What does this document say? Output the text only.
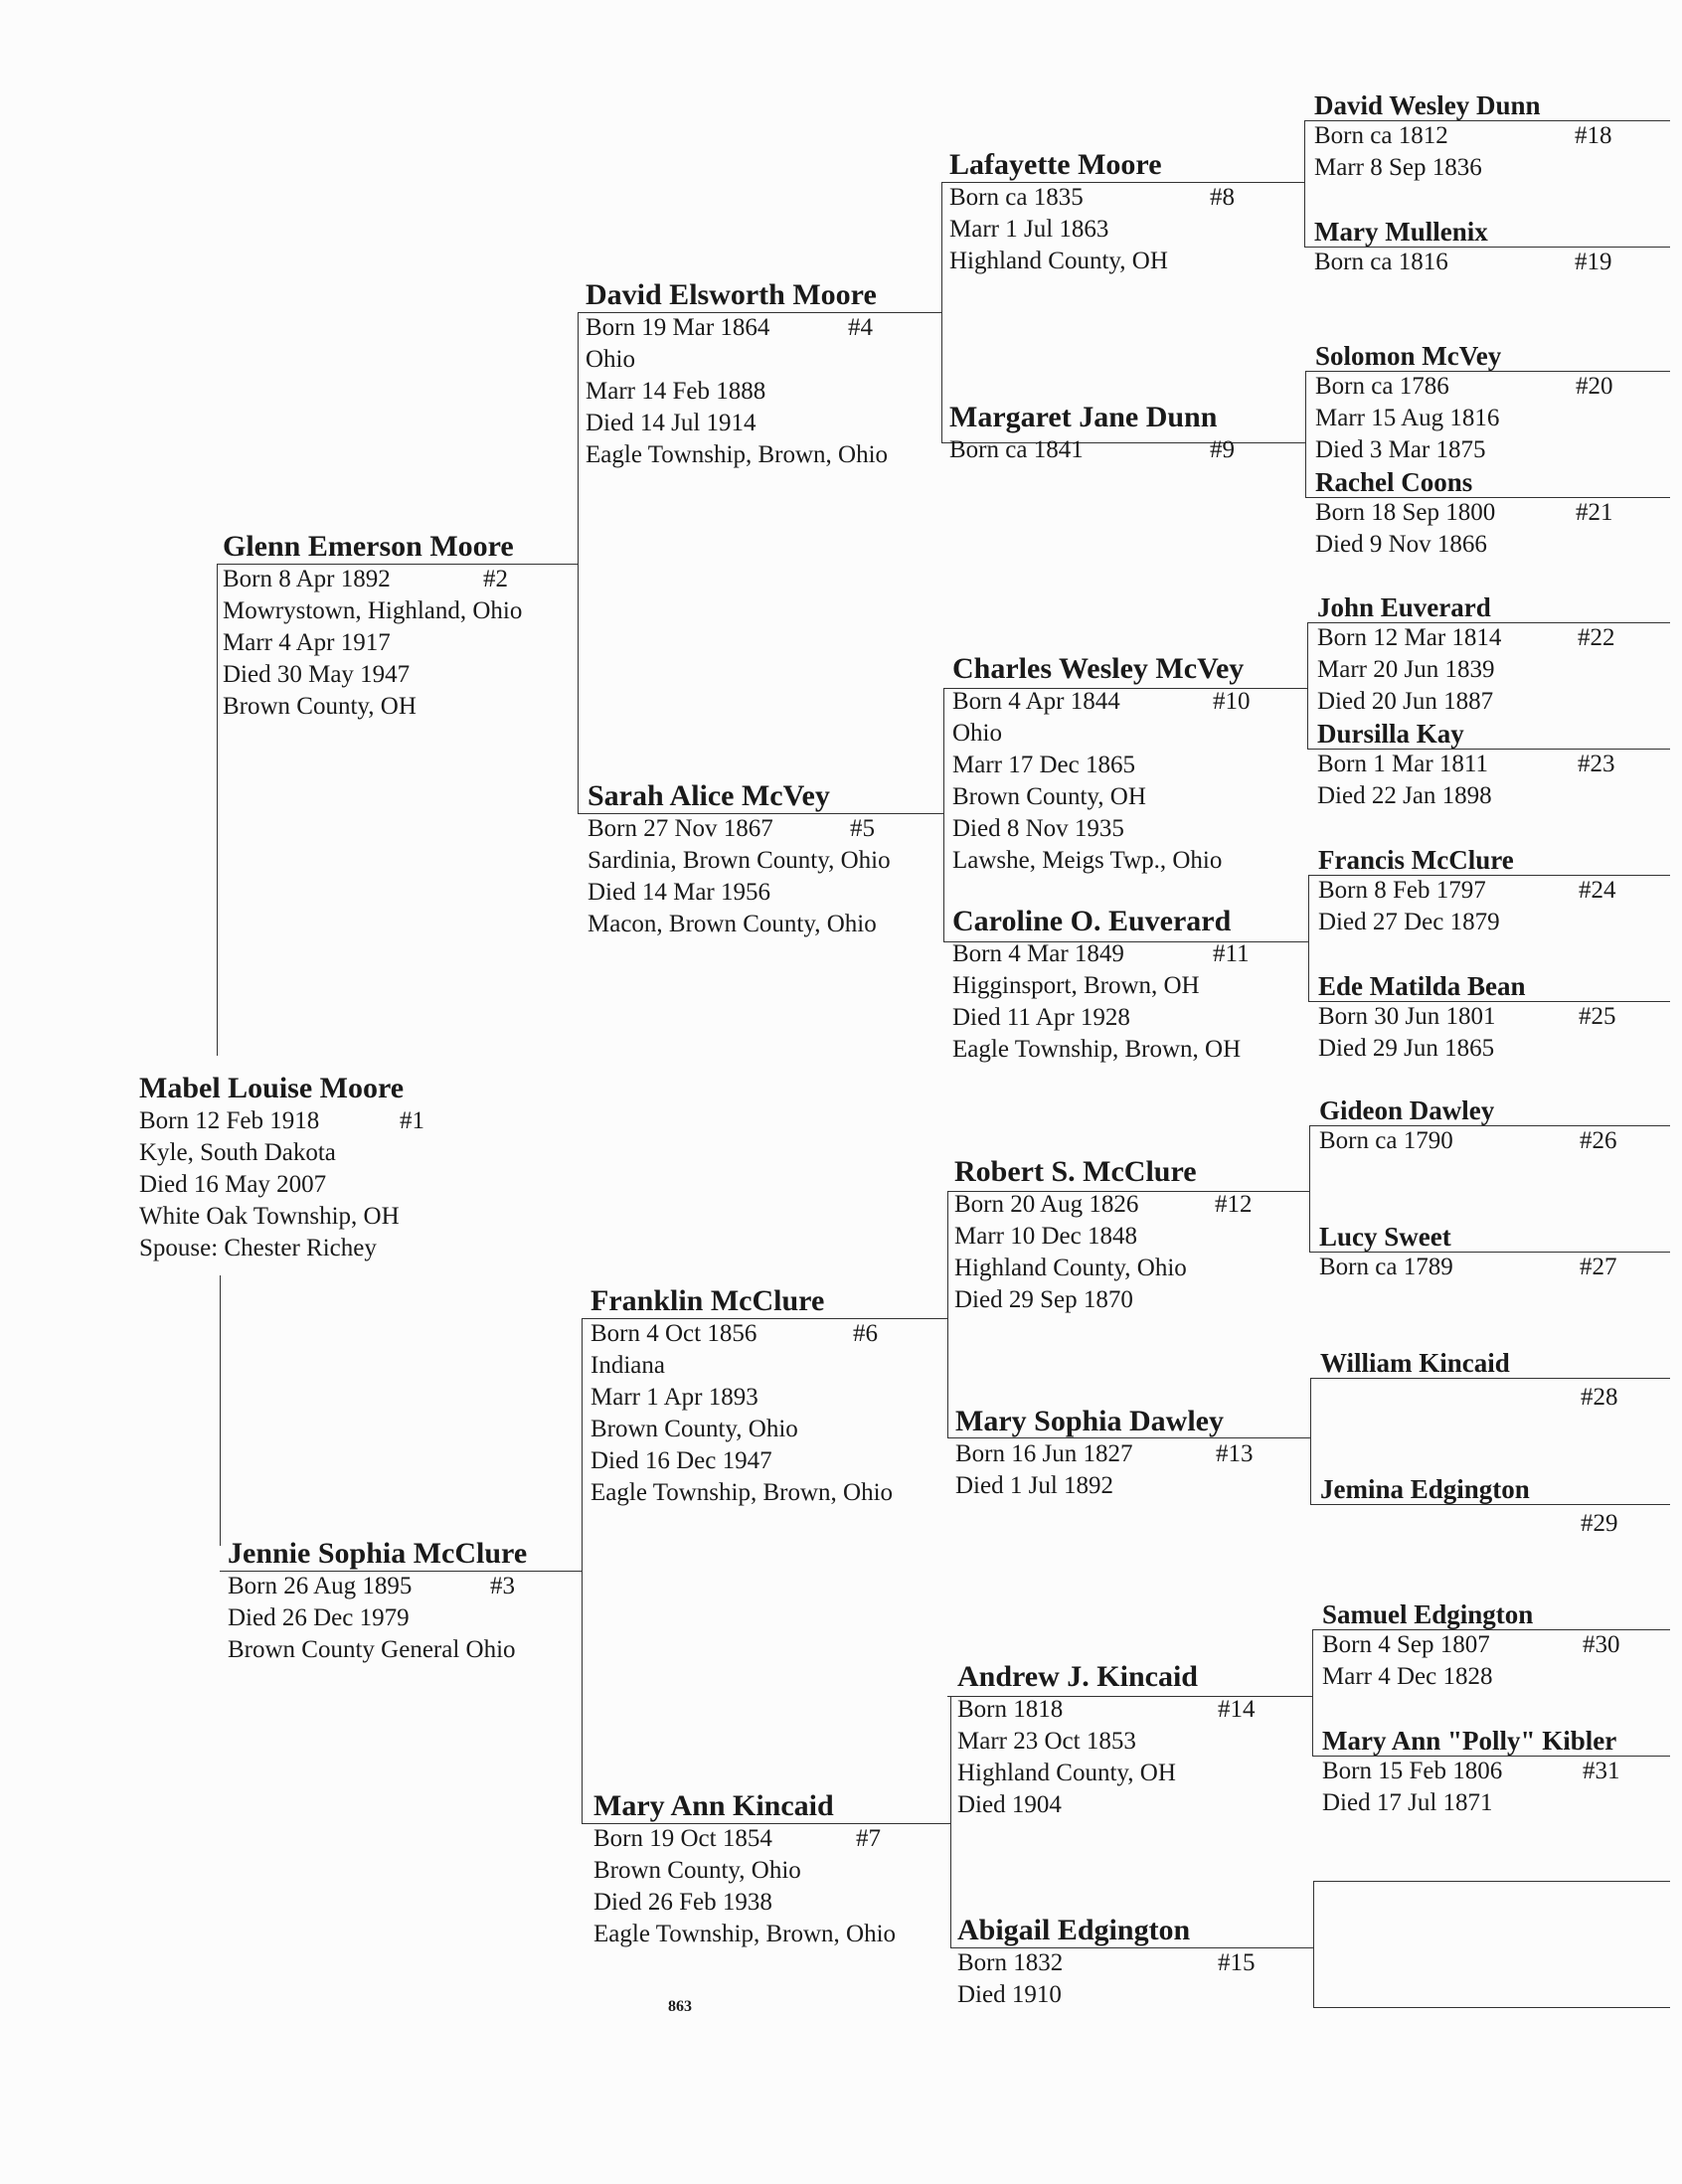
Mabel Louise Moore
Born 12 Feb 1918	#1
Kyle, South Dakota
Died 16 May 2007
White Oak Township, OH
Spouse: Chester Richey
Glenn Emerson Moore
Born 8 Apr 1892	#2
Mowrystown, Highland, Ohio
Marr 4 Apr 1917
Died 30 May 1947
Brown County, OH
Jennie Sophia McClure
Born 26 Aug 1895	#3
Died 26 Dec 1979
Brown County General Ohio
David Elsworth Moore
Born 19 Mar 1864	#4
Ohio
Marr 14 Feb 1888
Died 14 Jul 1914
Eagle Township, Brown, Ohio
Sarah Alice McVey
Born 27 Nov 1867	#5
Sardinia, Brown County, Ohio
Died 14 Mar 1956
Macon, Brown County, Ohio
Franklin McClure
Born 4 Oct 1856	#6
Indiana
Marr 1 Apr 1893
Brown County, Ohio
Died 16 Dec 1947
Eagle Township, Brown, Ohio
Mary Ann Kincaid
Born 19 Oct 1854	#7
Brown County, Ohio
Died 26 Feb 1938
Eagle Township, Brown, Ohio
Lafayette Moore
Born ca 1835	#8
Marr 1 Jul 1863
Highland County, OH
Margaret Jane Dunn
Born ca 1841	#9
Charles Wesley McVey
Born 4 Apr 1844	#10
Ohio
Marr 17 Dec 1865
Brown County, OH
Died 8 Nov 1935
Lawshe, Meigs Twp., Ohio
Caroline O. Euverard
Born 4 Mar 1849	#11
Higginsport, Brown, OH
Died 11 Apr 1928
Eagle Township, Brown, OH
Robert S. McClure
Born 20 Aug 1826	#12
Marr 10 Dec 1848
Highland County, Ohio
Died 29 Sep 1870
Mary Sophia Dawley
Born 16 Jun 1827	#13
Died 1 Jul 1892
Andrew J. Kincaid
Born 1818	#14
Marr 23 Oct 1853
Highland County, OH
Died 1904
Abigail Edgington
Born 1832	#15
Died 1910
David Wesley Dunn
Born ca 1812	#18
Marr 8 Sep 1836
Mary Mullenix
Born ca 1816	#19
Solomon McVey
Born ca 1786	#20
Marr 15 Aug 1816
Died 3 Mar 1875
Rachel Coons
Born 18 Sep 1800	#21
Died 9 Nov 1866
John Euverard
Born 12 Mar 1814	#22
Marr 20 Jun 1839
Died 20 Jun 1887
Dursilla Kay
Born 1 Mar 1811	#23
Died 22 Jan 1898
Francis McClure
Born 8 Feb 1797	#24
Died 27 Dec 1879
Ede Matilda Bean
Born 30 Jun 1801	#25
Died 29 Jun 1865
Gideon Dawley
Born ca 1790	#26
Lucy Sweet
Born ca 1789	#27
William Kincaid
#28
Jemina Edgington
#29
Samuel Edgington
Born 4 Sep 1807	#30
Marr 4 Dec 1828
Mary Ann "Polly" Kibler
Born 15 Feb 1806	#31
Died 17 Jul 1871
863
